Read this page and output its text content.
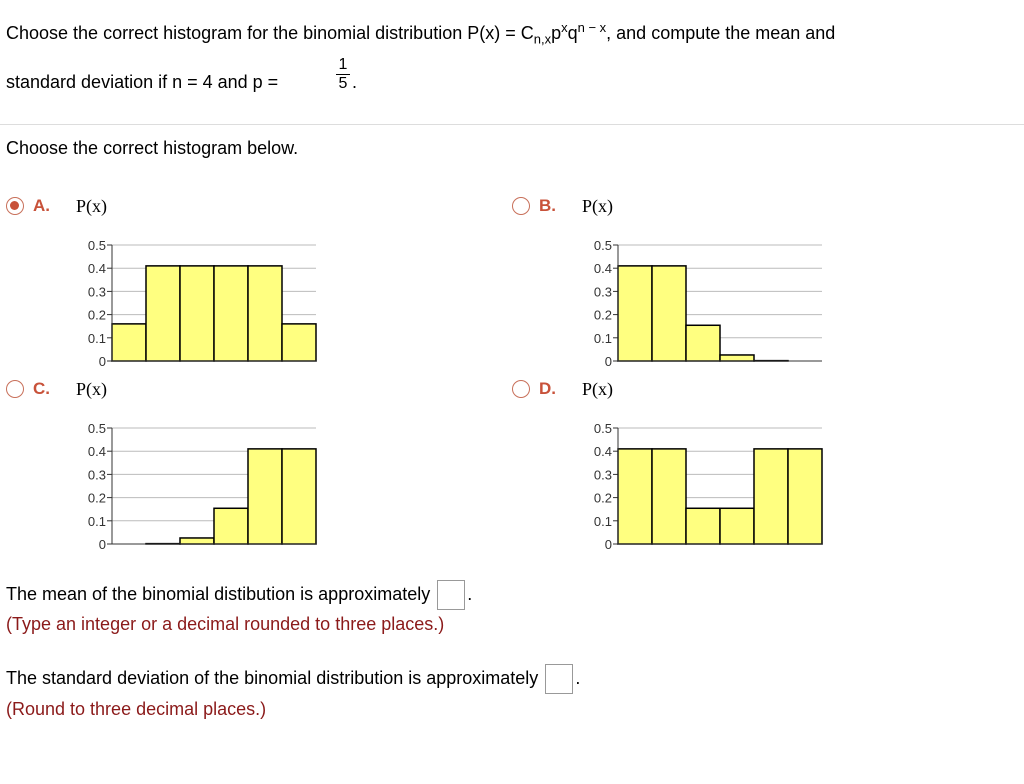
Choose the correct histogram for the binomial distribution $P(x) = C_{n,x}p^xq^{n - x}$, and compute the mean and
standard deviation if n = 4 and p =	$\frac{1}{5}$ .
Choose the correct histogram below.
A. P(x)
0
0.1
0.2
0.3
0.4
0.5
B. P(x)
0
0.1
0.2
0.3
0.4
0.5
C. P(x)
0
0.1
0.2
0.3
0.4
0.5
D. P(x)
0
0.1
0.2
0.3
0.4
0.5
The mean of the binomial distibution is approximately .
(Type an integer or a decimal rounded to three places.)
The standard deviation of the binomial distribution is approximately .
(Round to three decimal places.)
